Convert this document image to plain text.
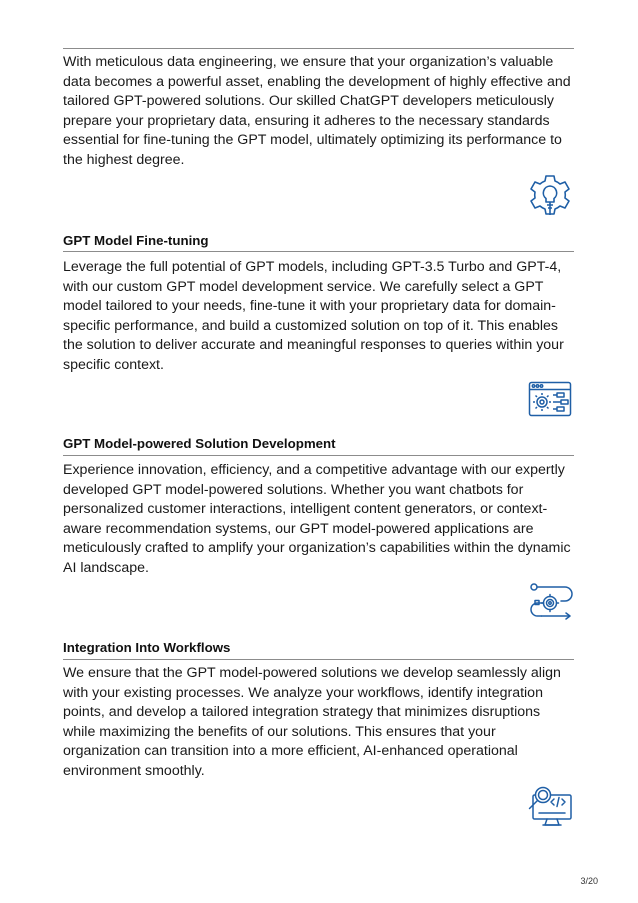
With meticulous data engineering, we ensure that your organization’s valuable data becomes a powerful asset, enabling the development of highly effective and tailored GPT-powered solutions. Our skilled ChatGPT developers meticulously prepare your proprietary data, ensuring it adheres to the necessary standards essential for fine-tuning the GPT model, ultimately optimizing its performance to the highest degree.
GPT Model Fine-tuning
Leverage the full potential of GPT models, including GPT-3.5 Turbo and GPT-4, with our custom GPT model development service. We carefully select a GPT model tailored to your needs, fine-tune it with your proprietary data for domain-specific performance, and build a customized solution on top of it. This enables the solution to deliver accurate and meaningful responses to queries within your specific context.
GPT Model-powered Solution Development
Experience innovation, efficiency, and a competitive advantage with our expertly developed GPT model-powered solutions. Whether you want chatbots for personalized customer interactions, intelligent content generators, or context-aware recommendation systems, our GPT model-powered applications are meticulously crafted to amplify your organization’s capabilities within the dynamic AI landscape.
Integration Into Workflows
We ensure that the GPT model-powered solutions we develop seamlessly align with your existing processes. We analyze your workflows, identify integration points, and develop a tailored integration strategy that minimizes disruptions while maximizing the benefits of our solutions. This ensures that your organization can transition into a more efficient, AI-enhanced operational environment smoothly.
3/20
